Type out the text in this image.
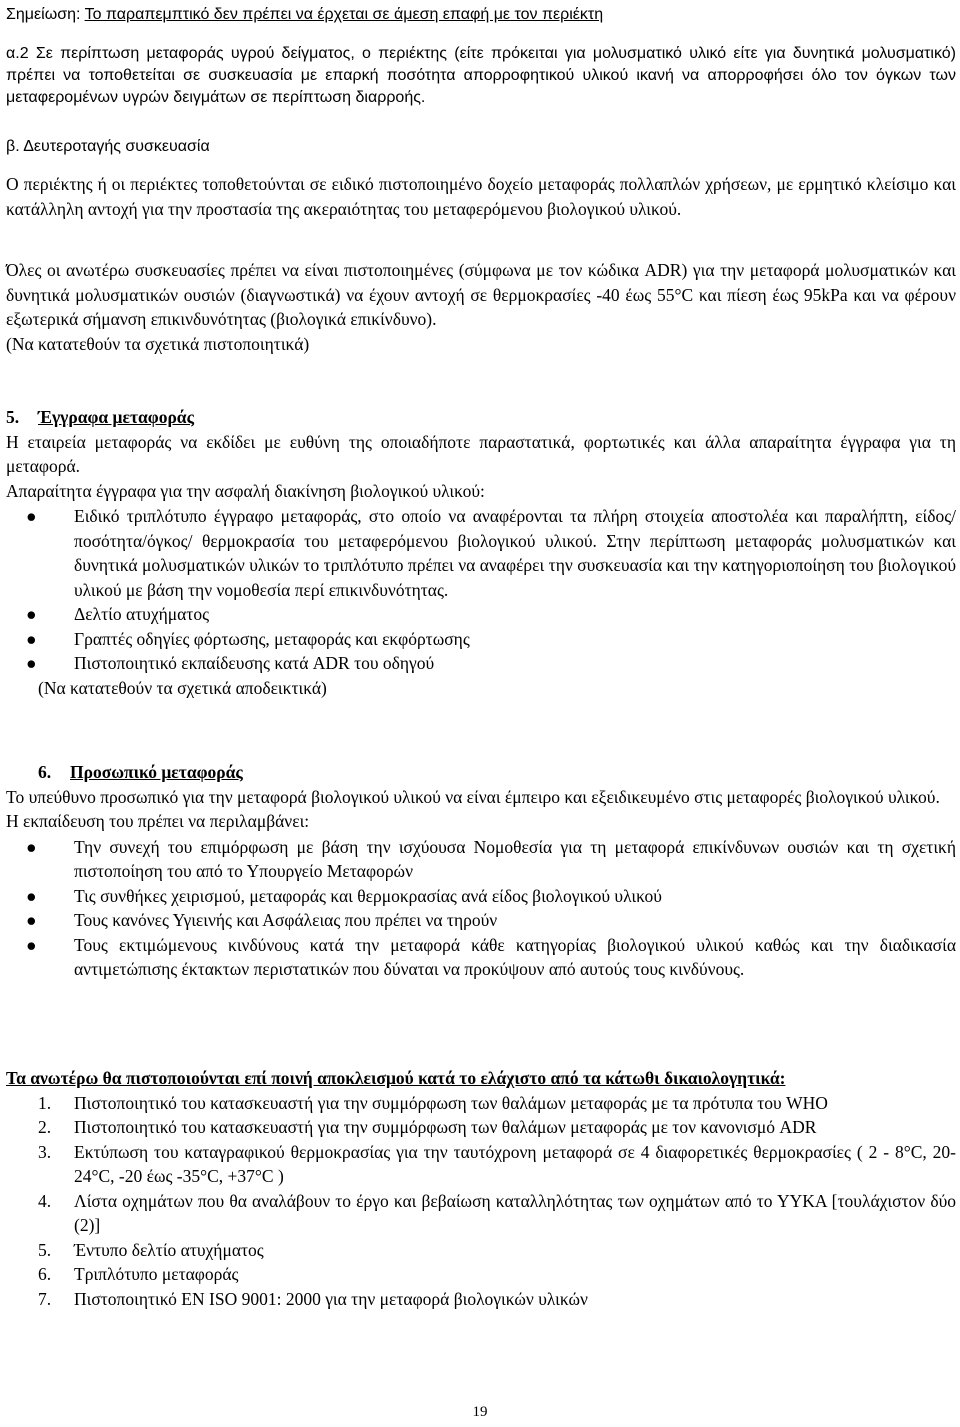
Σημείωση: Το παραπεμπτικό δεν πρέπει να έρχεται σε άμεση επαφή με τον περιέκτη

α.2 Σε περίπτωση μεταφοράς υγρού δείγματος, ο περιέκτης (είτε πρόκειται για μολυσματικό υλικό είτε για δυνητικά μολυσματικό) πρέπει να τοποθετείται σε συσκευασία με επαρκή ποσότητα απορροφητικού υλικού ικανή να απορροφήσει όλο τον όγκων των μεταφερομένων υγρών δειγμάτων σε περίπτωση διαρροής.

β. Δευτεροταγής συσκευασία

Ο περιέκτης ή οι περιέκτες τοποθετούνται σε ειδικό πιστοποιημένο δοχείο μεταφοράς πολλαπλών χρήσεων, με ερμητικό κλείσιμο και κατάλληλη αντοχή για την προστασία της ακεραιότητας του μεταφερόμενου βιολογικού υλικού.

Όλες οι ανωτέρω συσκευασίες πρέπει να είναι πιστοποιημένες (σύμφωνα με τον κώδικα ADR) για την μεταφορά μολυσματικών και δυνητικά μολυσματικών ουσιών (διαγνωστικά) να έχουν αντοχή σε θερμοκρασίες -40 έως 55°C και πίεση έως 95kPa και να φέρουν εξωτερικά σήμανση επικινδυνότητας (βιολογικά επικίνδυνο).

(Να κατατεθούν τα σχετικά πιστοποιητικά)

5. Έγγραφα μεταφοράς

Η εταιρεία μεταφοράς να εκδίδει με ευθύνη της οποιαδήποτε παραστατικά, φορτωτικές και άλλα απαραίτητα έγγραφα για τη μεταφορά.

Απαραίτητα έγγραφα για την ασφαλή διακίνηση βιολογικού υλικού:

● Ειδικό τριπλότυπο έγγραφο μεταφοράς, στο οποίο να αναφέρονται τα πλήρη στοιχεία αποστολέα και παραλήπτη, είδος/ποσότητα/όγκος/ θερμοκρασία του μεταφερόμενου βιολογικού υλικού. Στην περίπτωση μεταφοράς μολυσματικών και δυνητικά μολυσματικών υλικών το τριπλότυπο πρέπει να αναφέρει την συσκευασία και την κατηγοριοποίηση του βιολογικού υλικού με βάση την νομοθεσία περί επικινδυνότητας.
● Δελτίο ατυχήματος
● Γραπτές οδηγίες φόρτωσης, μεταφοράς και εκφόρτωσης
● Πιστοποιητικό εκπαίδευσης κατά ADR του οδηγού

(Να κατατεθούν τα σχετικά αποδεικτικά)

6. Προσωπικό μεταφοράς

Το υπεύθυνο προσωπικό για την μεταφορά βιολογικού υλικού να είναι έμπειρο και εξειδικευμένο στις μεταφορές βιολογικού υλικού.

Η εκπαίδευση του πρέπει να περιλαμβάνει:

● Την συνεχή του επιμόρφωση με βάση την ισχύουσα Νομοθεσία για τη μεταφορά επικίνδυνων ουσιών και τη σχετική πιστοποίηση του από το Υπουργείο Μεταφορών
● Τις συνθήκες χειρισμού, μεταφοράς και θερμοκρασίας ανά είδος βιολογικού υλικού
● Τους κανόνες Υγιεινής και Ασφάλειας που πρέπει να τηρούν
● Τους εκτιμώμενους κινδύνους κατά την μεταφορά κάθε κατηγορίας βιολογικού υλικού καθώς και την διαδικασία αντιμετώπισης έκτακτων περιστατικών που δύναται να προκύψουν από αυτούς τους κινδύνους.

Τα ανωτέρω θα πιστοποιούνται επί ποινή αποκλεισμού κατά το ελάχιστο από τα κάτωθι δικαιολογητικά:

1. Πιστοποιητικό του κατασκευαστή για την συμμόρφωση των θαλάμων μεταφοράς με τα πρότυπα του WHO
2. Πιστοποιητικό του κατασκευαστή για την συμμόρφωση των θαλάμων μεταφοράς με τον κανονισμό ADR
3. Εκτύπωση του καταγραφικού θερμοκρασίας για την ταυτόχρονη μεταφορά σε 4 διαφορετικές θερμοκρασίες ( 2 - 8°C, 20-24°C, -20 έως -35°C, +37°C )
4. Λίστα οχημάτων που θα αναλάβουν το έργο και βεβαίωση καταλληλότητας των οχημάτων από το ΥΥΚΑ [τουλάχιστον δύο (2)]
5. Έντυπο δελτίο ατυχήματος
6. Τριπλότυπο μεταφοράς
7. Πιστοποιητικό EN ISO 9001: 2000 για την μεταφορά βιολογικών υλικών
19
